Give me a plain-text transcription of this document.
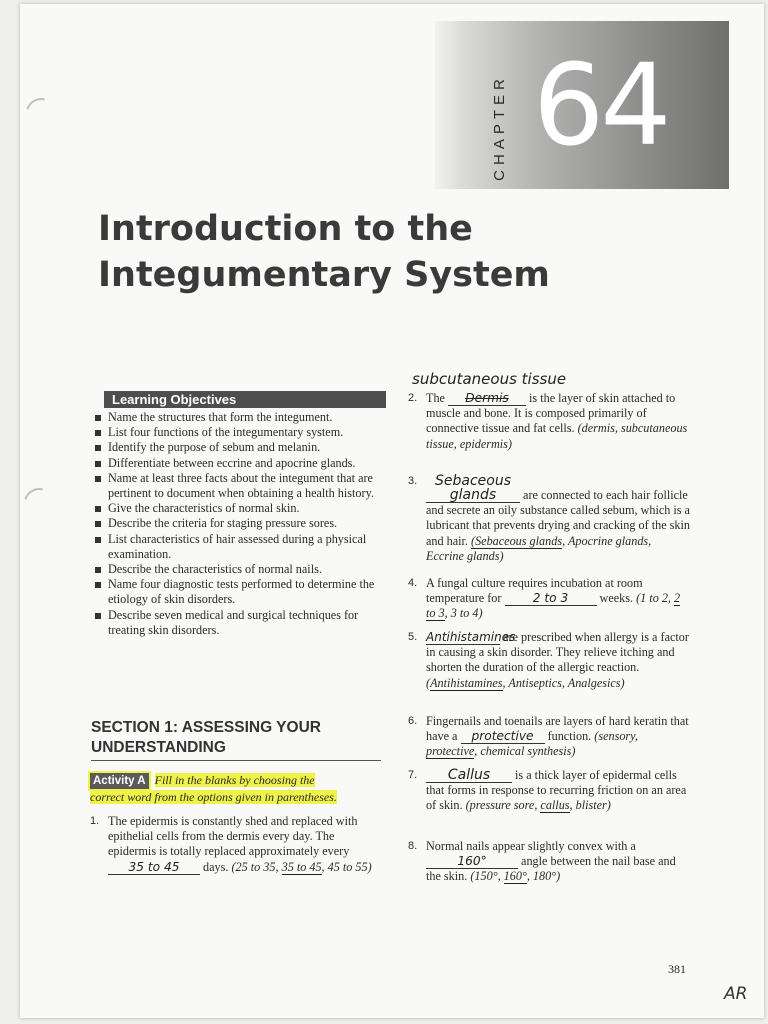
CHAPTER 64
Introduction to the
Integumentary System
Learning Objectives
Name the structures that form the integument.
List four functions of the integumentary system.
Identify the purpose of sebum and melanin.
Differentiate between eccrine and apocrine glands.
Name at least three facts about the integument that are pertinent to document when obtaining a health history.
Give the characteristics of normal skin.
Describe the criteria for staging pressure sores.
List characteristics of hair assessed during a physical examination.
Describe the characteristics of normal nails.
Name four diagnostic tests performed to determine the etiology of skin disorders.
Describe seven medical and surgical techniques for treating skin disorders.
SECTION 1: ASSESSING YOUR
UNDERSTANDING
Activity A Fill in the blanks by choosing the
correct word from the options given in parentheses.
1. The epidermis is constantly shed and replaced with epithelial cells from the dermis every day. The epidermis is totally replaced approximately every 35 to 45 days. (25 to 35, 35 to 45, 45 to 55)
subcutaneous tissue
2. The Dermis is the layer of skin attached to muscle and bone. It is composed primarily of connective tissue and fat cells. (dermis, subcutaneous tissue, epidermis)
3. Sebaceous glands are connected to each hair follicle and secrete an oily substance called sebum, which is a lubricant that prevents drying and cracking of the skin and hair. (Sebaceous glands, Apocrine glands, Eccrine glands)
4. A fungal culture requires incubation at room temperature for	2 to 3	weeks. (1 to 2, 2 to 3, 3 to 4)
5. Antihistamines are prescribed when allergy is a factor in causing a skin disorder. They relieve itching and shorten the duration of the allergic reaction. (Antihistamines, Antiseptics, Analgesics)
6. Fingernails and toenails are layers of hard keratin that have a protective function. (sensory, protective, chemical synthesis)
7. Callus is a thick layer of epidermal cells that forms in response to recurring friction on an area of skin. (pressure sore, callus, blister)
8. Normal nails appear slightly convex with a 160°	angle between the nail base and the skin. (150°, 160°, 180°)
381
AR
